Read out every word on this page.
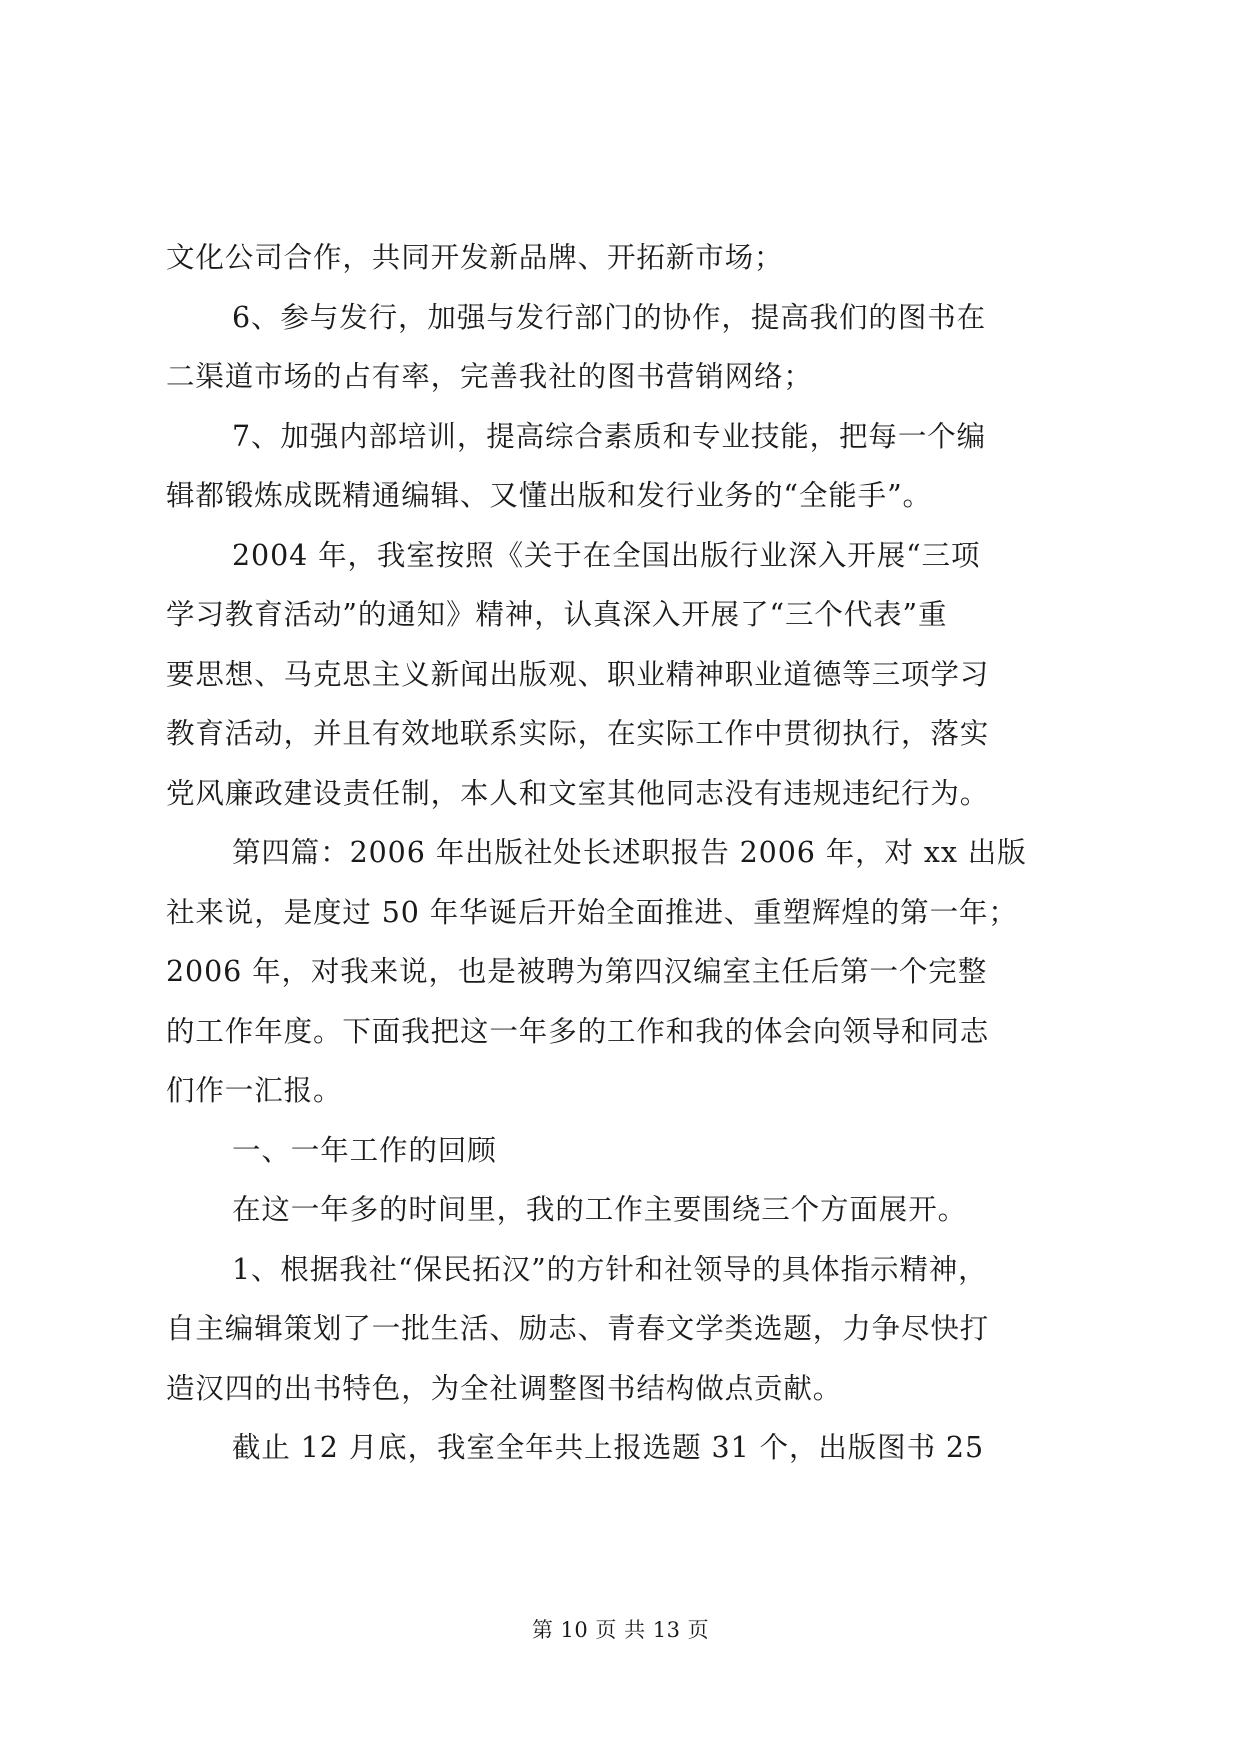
文化公司合作，共同开发新品牌、开拓新市场；
6、参与发行，加强与发行部门的协作，提高我们的图书在
二渠道市场的占有率，完善我社的图书营销网络；
7、加强内部培训，提高综合素质和专业技能，把每一个编
辑都锻炼成既精通编辑、又懂出版和发行业务的“全能手”。
2004 年，我室按照《关于在全国出版行业深入开展“三项
学习教育活动”的通知》精神，认真深入开展了“三个代表”重
要思想、马克思主义新闻出版观、职业精神职业道德等三项学习
教育活动，并且有效地联系实际，在实际工作中贯彻执行，落实
党风廉政建设责任制，本人和文室其他同志没有违规违纪行为。
第四篇：2006 年出版社处长述职报告 2006 年，对 xx 出版
社来说，是度过 50 年华诞后开始全面推进、重塑辉煌的第一年；
2006 年，对我来说，也是被聘为第四汉编室主任后第一个完整
的工作年度。下面我把这一年多的工作和我的体会向领导和同志
们作一汇报。
一、一年工作的回顾
在这一年多的时间里，我的工作主要围绕三个方面展开。
1、根据我社“保民拓汉”的方针和社领导的具体指示精神，
自主编辑策划了一批生活、励志、青春文学类选题，力争尽快打
造汉四的出书特色，为全社调整图书结构做点贡献。
截止 12 月底，我室全年共上报选题 31 个，出版图书 25
第 10 页 共 13 页
